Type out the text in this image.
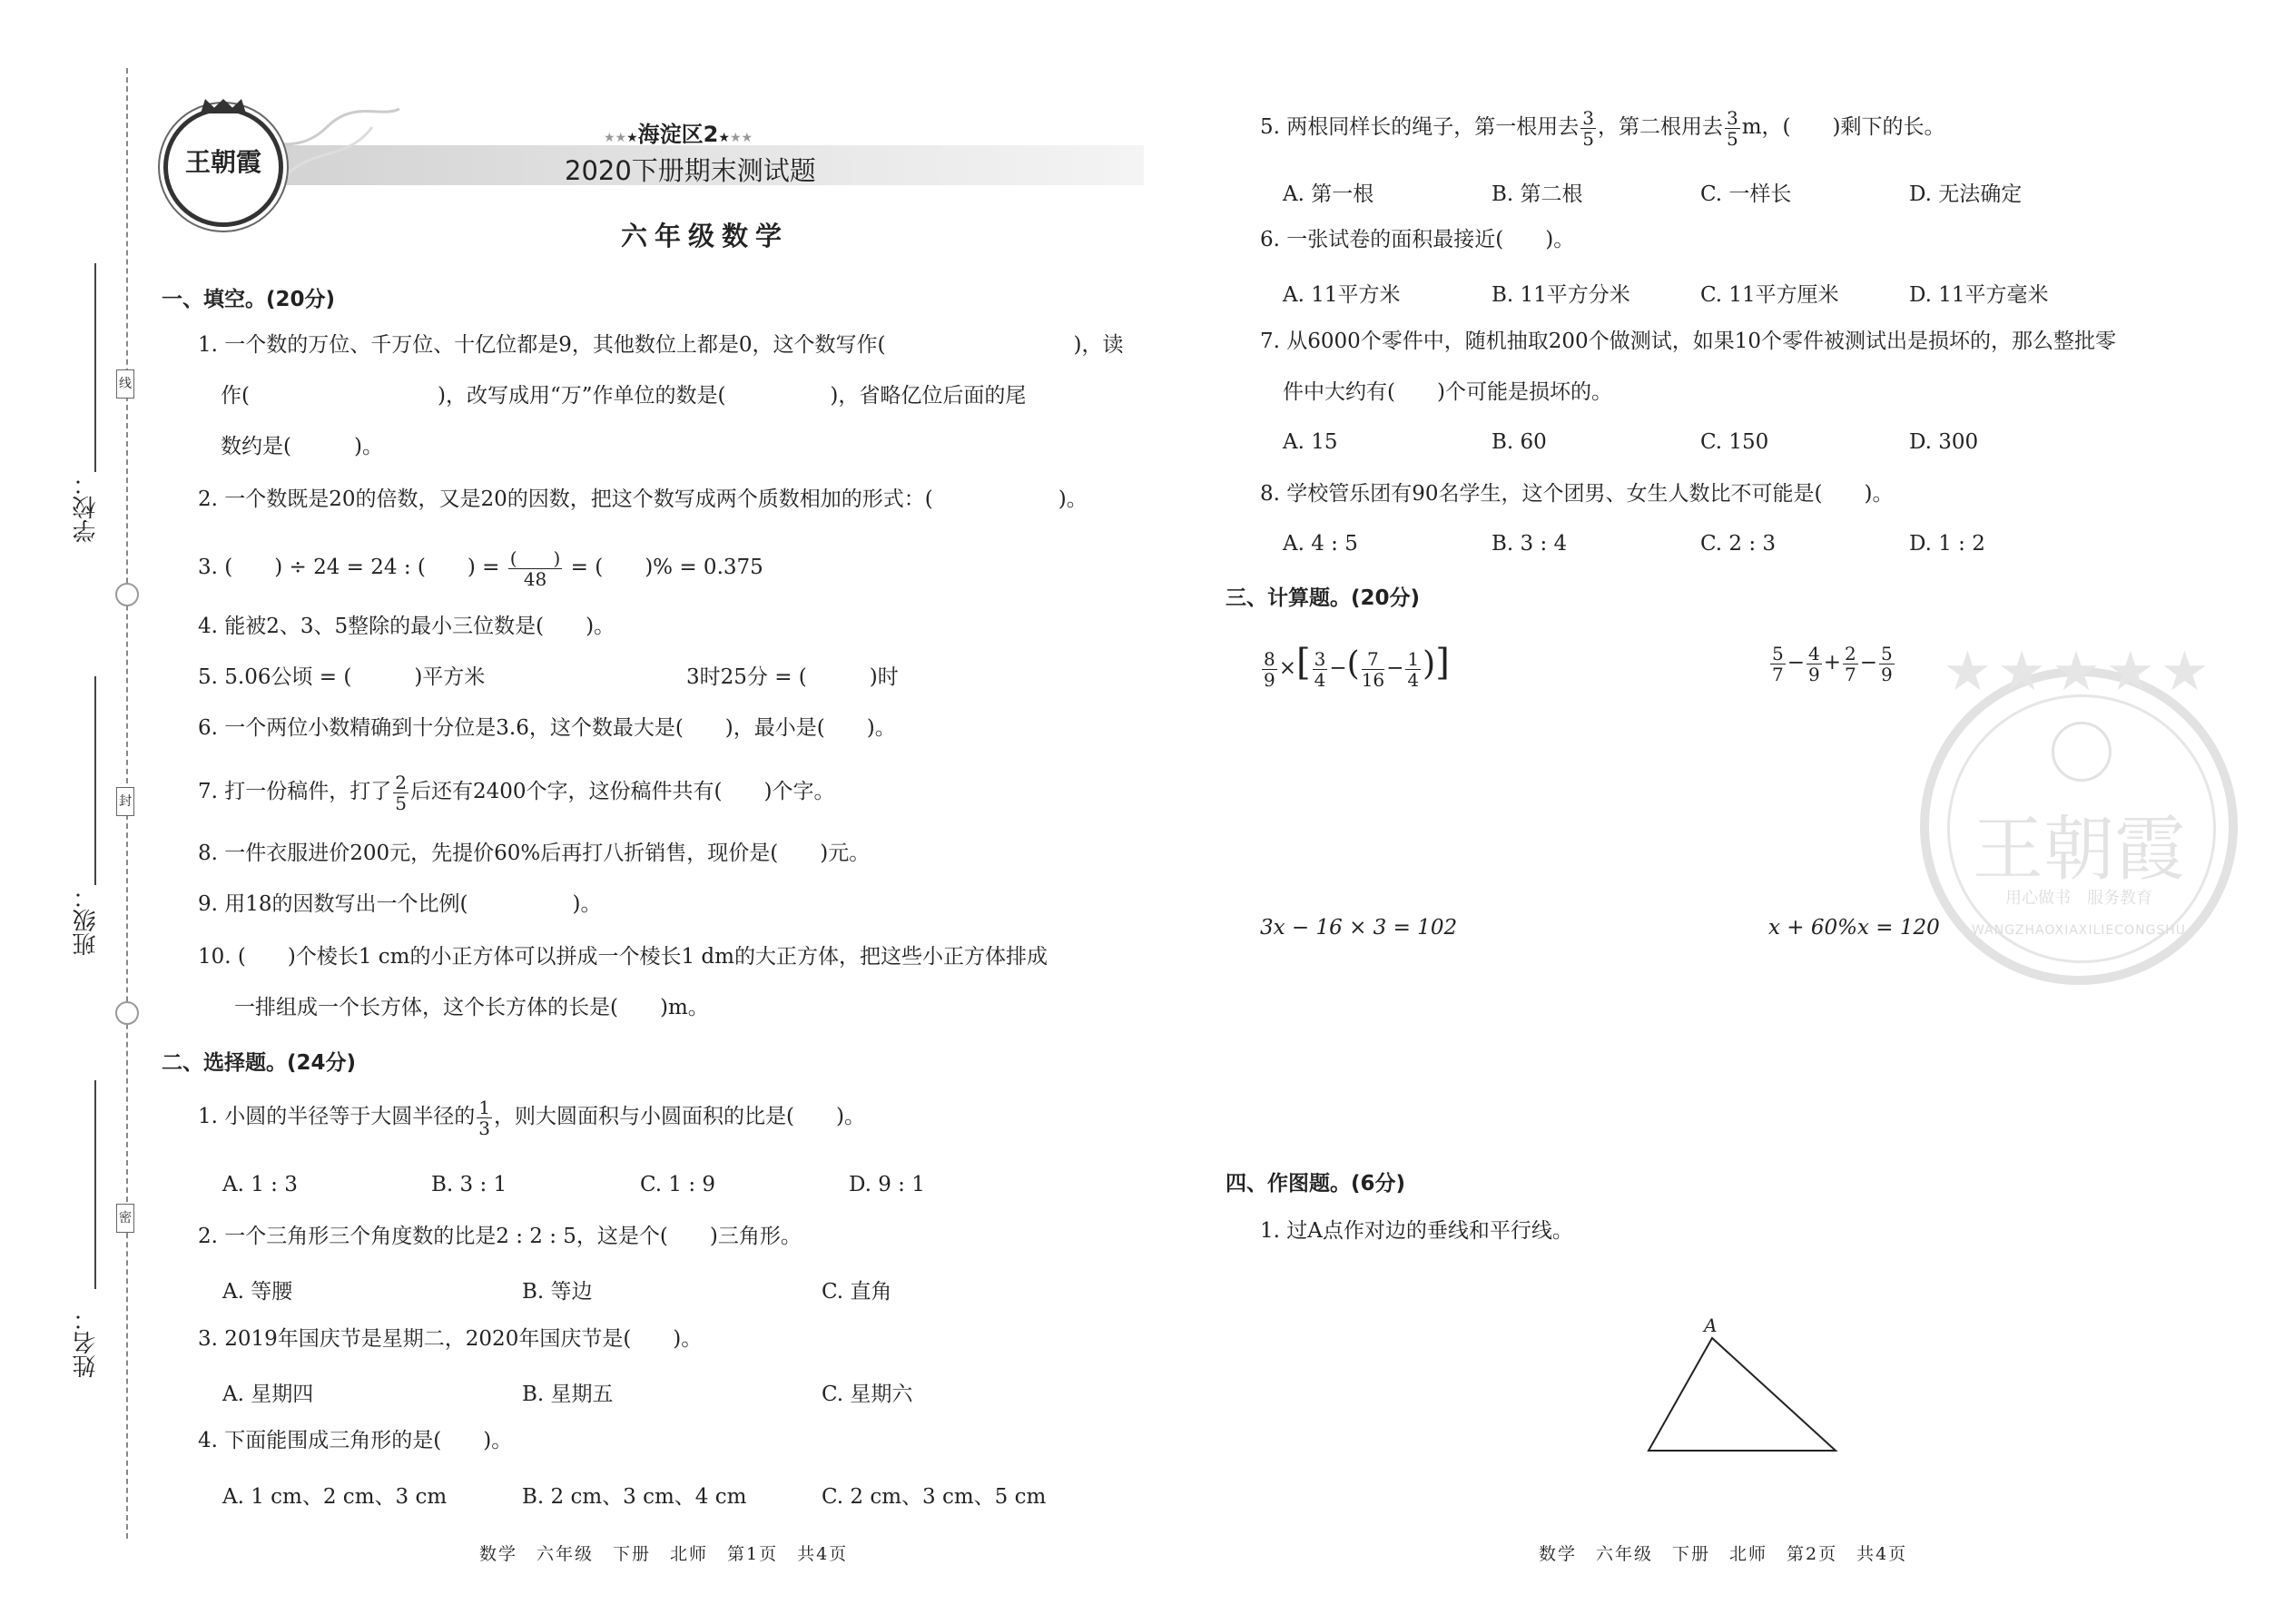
学校：
班级：
姓名：
线
封
密
王朝霞
★★★海淀区2★★★
2020下册期末测试题
六年级数学
一、填空。(20分)
1. 一个数的万位、千万位、十亿位都是9，其他数位上都是0，这个数写作(　　　　　　　　　)，读
作(　　　　　　　　　)，改写成用“万”作单位的数是(　　　　　)，省略亿位后面的尾
数约是(　　　)。
2. 一个数既是20的倍数，又是20的因数，把这个数写成两个质数相加的形式：(　　　　　　)。
3. (　　) ÷ 24 = 24 : (　　) = $\frac{( )}{48}$ = (　　)% = 0.375
4. 能被2、3、5整除的最小三位数是(　　)。
5. 5.06公顷 = (　　　)平方米	3时25分 = (　　　)时
6. 一个两位小数精确到十分位是3.6，这个数最大是(　　)，最小是(　　)。
7. 打一份稿件，打了 $\frac{2}{5}$ 后还有2400个字，这份稿件共有(　　)个字。
8. 一件衣服进价200元，先提价60%后再打八折销售，现价是(　　)元。
9. 用18的因数写出一个比例(　　　　　)。
10. (　　)个棱长1 cm的小正方体可以拼成一个棱长1 dm的大正方体，把这些小正方体排成
一排组成一个长方体，这个长方体的长是(　　)m。
二、选择题。(24分)
1. 小圆的半径等于大圆半径的 $\frac{1}{3}$ ，则大圆面积与小圆面积的比是(　　)。
A. 1 : 3	B. 3 : 1	C. 1 : 9	D. 9 : 1
2. 一个三角形三个角度数的比是2 : 2 : 5，这是个(　　)三角形。
A. 等腰	B. 等边	C. 直角
3. 2019年国庆节是星期二，2020年国庆节是(　　)。
A. 星期四	B. 星期五	C. 星期六
4. 下面能围成三角形的是(　　)。
A. 1 cm、2 cm、3 cm	B. 2 cm、3 cm、4 cm	C. 2 cm、3 cm、5 cm
数学　六年级　下册　北师　第1页　共4页
5. 两根同样长的绳子，第一根用去 $\frac{3}{5}$ ，第二根用去 $\frac{3}{5}$ m，(　　)剩下的长。
A. 第一根	B. 第二根	C. 一样长	D. 无法确定
6. 一张试卷的面积最接近(　　)。
A. 11平方米	B. 11平方分米	C. 11平方厘米	D. 11平方毫米
7. 从6000个零件中，随机抽取200个做测试，如果10个零件被测试出是损坏的，那么整批零
件中大约有(　　)个可能是损坏的。
A. 15	B. 60	C. 150	D. 300
8. 学校管乐团有90名学生，这个团男、女生人数比不可能是(　　)。
A. 4 : 5	B. 3 : 4	C. 2 : 3	D. 1 : 2
三、计算题。(20分)
$\frac{8}{9}$ ×[ $\frac{3}{4}$ −( $\frac{7}{16} - \frac{1}{4}$ )]	$\frac{5}{7} - \frac{4}{9} + \frac{2}{7} - \frac{5}{9}$
3x − 16 × 3 = 102	x + 60%x = 120
★★★★★
王朝霞
用心做书　服务教育
WANGZHAOXIAXILIECONGSHU
四、作图题。(6分)
1. 过A点作对边的垂线和平行线。
A
数学　六年级　下册　北师　第2页　共4页
